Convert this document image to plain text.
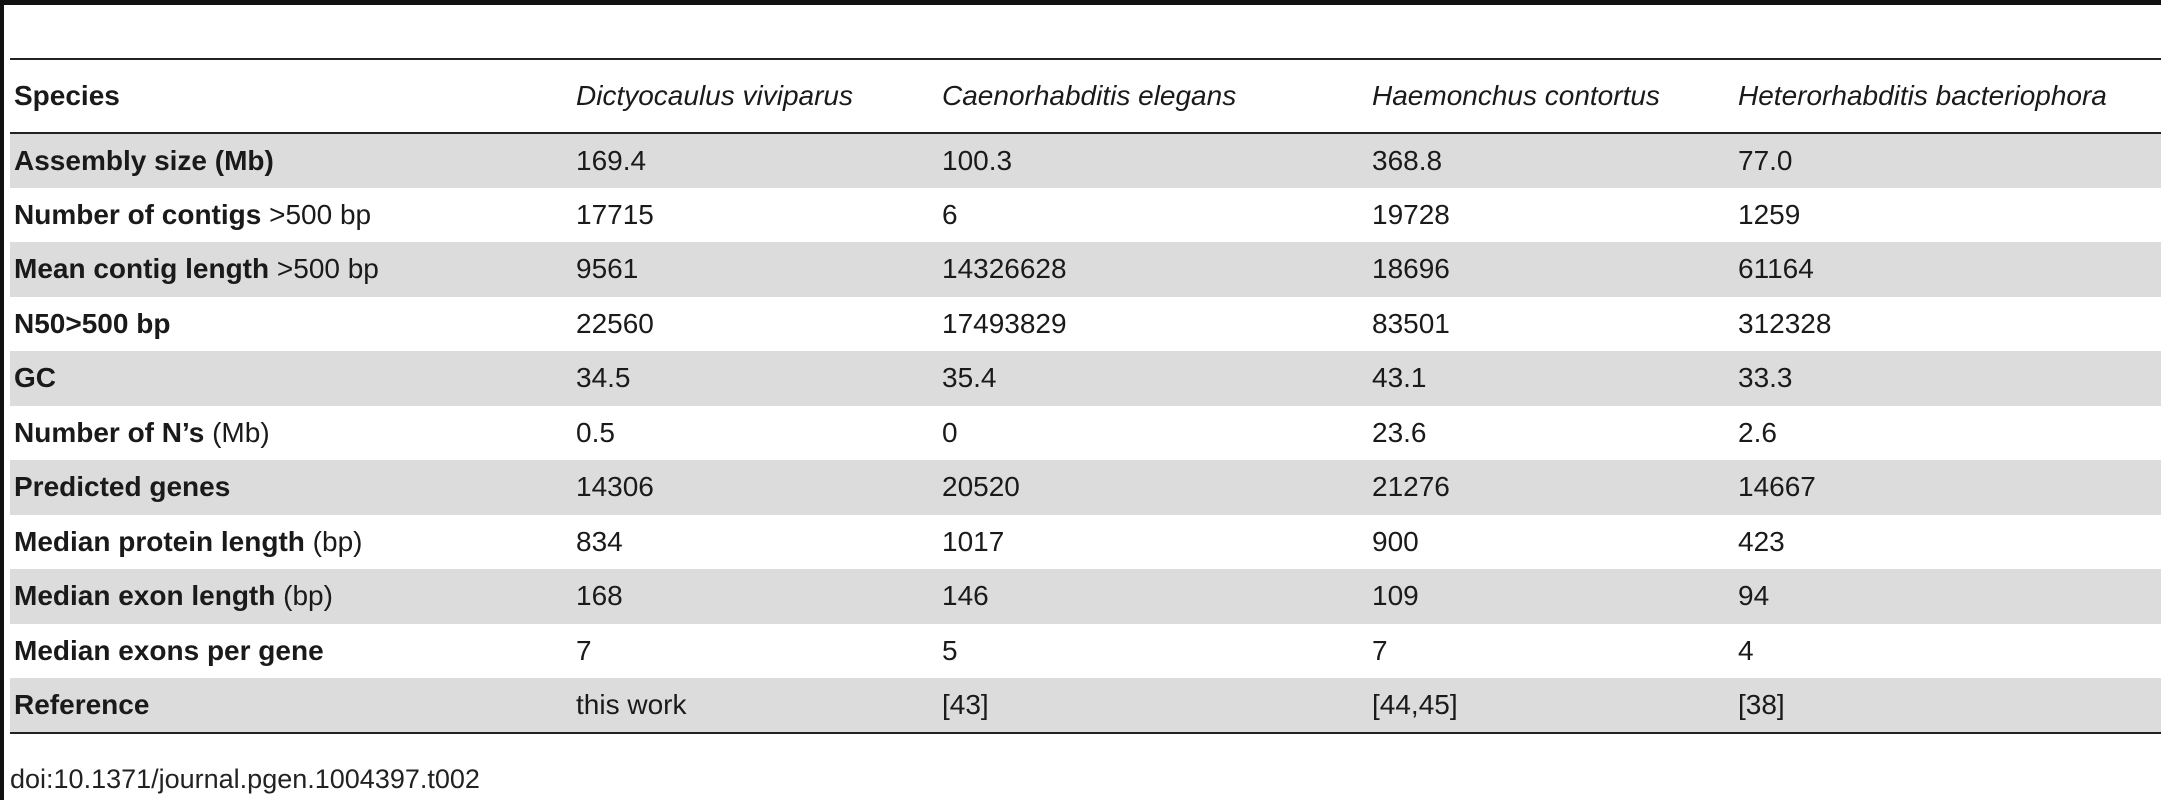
Species	Dictyocaulus viviparus	Caenorhabditis elegans	Haemonchus contortus	Heterorhabditis bacteriophora
Assembly size (Mb)	169.4	100.3	368.8	77.0
Number of contigs >500 bp	17715	6	19728	1259
Mean contig length >500 bp	9561	14326628	18696	61164
N50>500 bp	22560	17493829	83501	312328
GC	34.5	35.4	43.1	33.3
Number of N’s (Mb)	0.5	0	23.6	2.6
Predicted genes	14306	20520	21276	14667
Median protein length (bp)	834	1017	900	423
Median exon length (bp)	168	146	109	94
Median exons per gene	7	5	7	4
Reference	this work	[43]	[44,45]	[38]
doi:10.1371/journal.pgen.1004397.t002
